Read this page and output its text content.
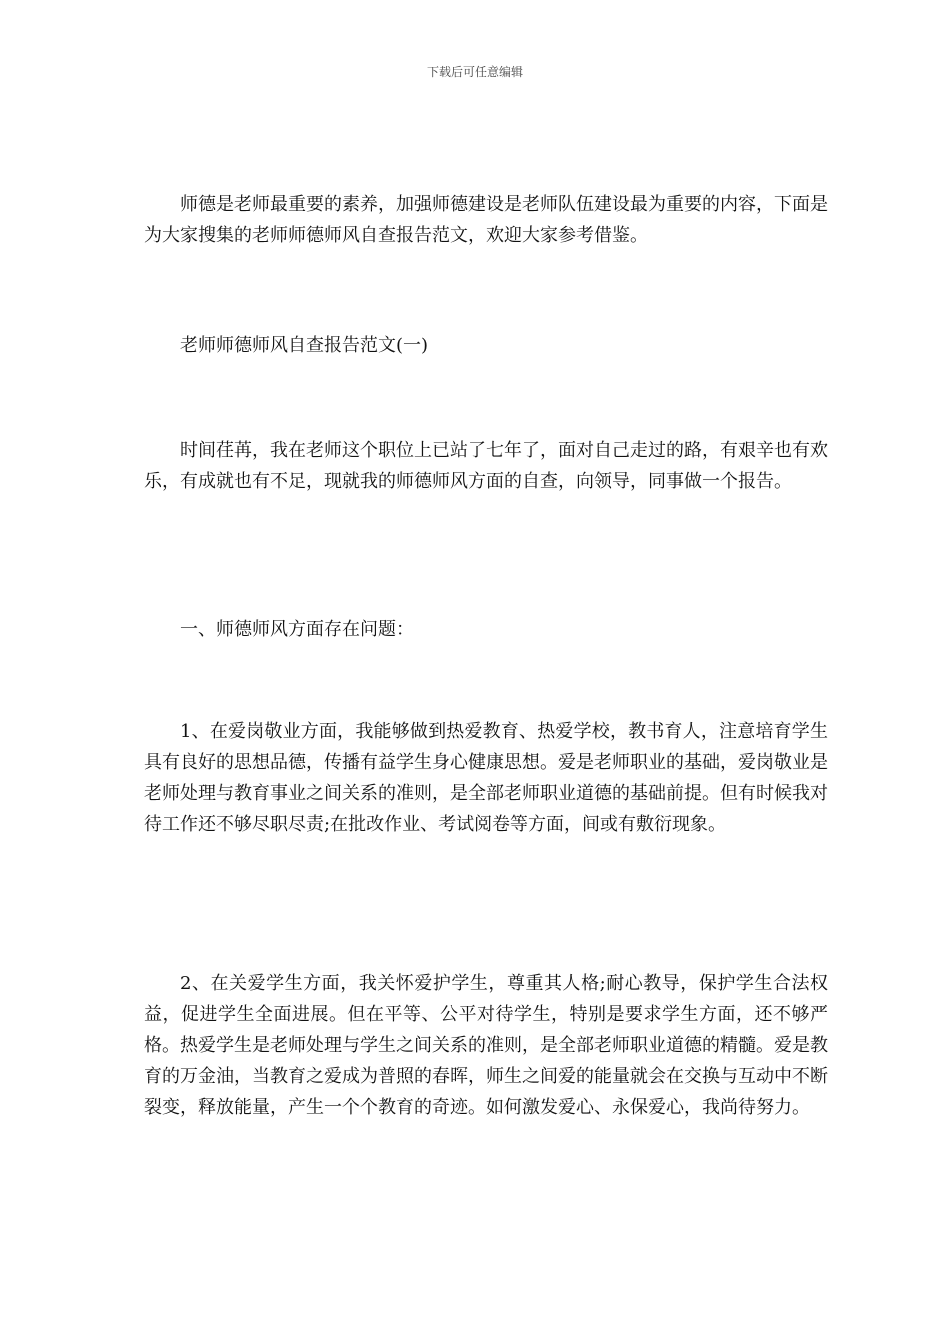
下载后可任意编辑

师德是老师最重要的素养，加强师德建设是老师队伍建设最为重要的内容，下面是为大家搜集的老师师德师风自查报告范文，欢迎大家参考借鉴。

老师师德师风自查报告范文(一)

时间荏苒，我在老师这个职位上已站了七年了，面对自己走过的路，有艰辛也有欢乐，有成就也有不足，现就我的师德师风方面的自查，向领导，同事做一个报告。

一、师德师风方面存在问题：

1、在爱岗敬业方面，我能够做到热爱教育、热爱学校，教书育人，注意培育学生具有良好的思想品德，传播有益学生身心健康思想。爱是老师职业的基础，爱岗敬业是老师处理与教育事业之间关系的准则，是全部老师职业道德的基础前提。但有时候我对待工作还不够尽职尽责;在批改作业、考试阅卷等方面，间或有敷衍现象。

2、在关爱学生方面，我关怀爱护学生，尊重其人格;耐心教导，保护学生合法权益，促进学生全面进展。但在平等、公平对待学生，特别是要求学生方面，还不够严格。热爱学生是老师处理与学生之间关系的准则，是全部老师职业道德的精髓。爱是教育的万金油，当教育之爱成为普照的春晖，师生之间爱的能量就会在交换与互动中不断裂变，释放能量，产生一个个教育的奇迹。如何激发爱心、永保爱心，我尚待努力。
